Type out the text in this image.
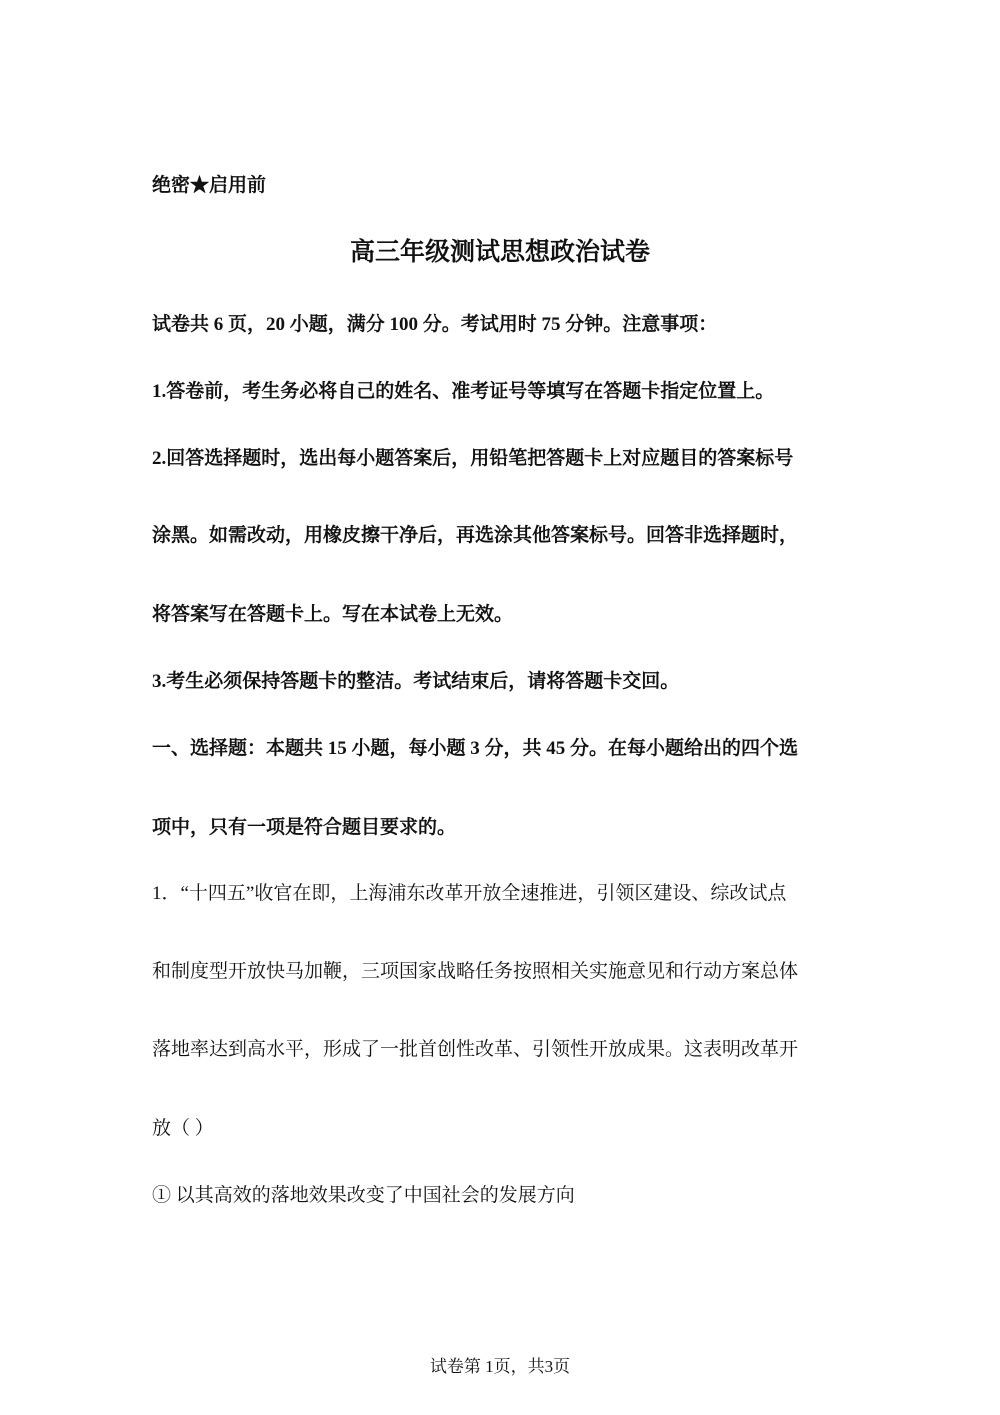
绝密★启用前
高三年级测试思想政治试卷
试卷共 6 页，20 小题，满分 100 分。考试用时 75 分钟。注意事项：
1.答卷前，考生务必将自己的姓名、准考证号等填写在答题卡指定位置上。
2.回答选择题时，选出每小题答案后，用铅笔把答题卡上对应题目的答案标号
涂黑。如需改动，用橡皮擦干净后，再选涂其他答案标号。回答非选择题时，
将答案写在答题卡上。写在本试卷上无效。
3.考生必须保持答题卡的整洁。考试结束后，请将答题卡交回。
一、选择题：本题共 15 小题，每小题 3 分，共 45 分。在每小题给出的四个选
项中，只有一项是符合题目要求的。
1．“十四五”收官在即，上海浦东改革开放全速推进，引领区建设、综改试点
和制度型开放快马加鞭，三项国家战略任务按照相关实施意见和行动方案总体
落地率达到高水平，形成了一批首创性改革、引领性开放成果。这表明改革开
放（ ）
① 以其高效的落地效果改变了中国社会的发展方向
试卷第 1页，共3页
